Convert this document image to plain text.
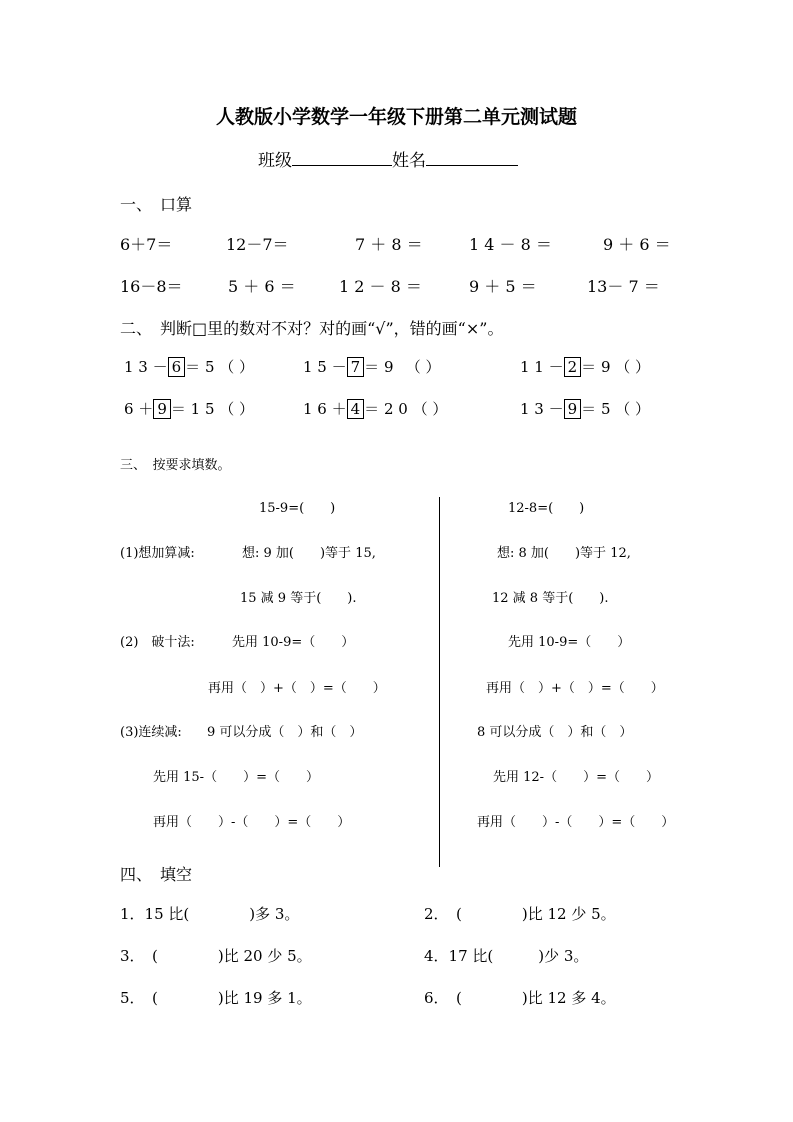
人教版小学数学一年级下册第二单元测试题
班级	姓名
一、　口算
6＋7＝	12－7＝	7 ＋ 8 ＝	1 4 － 8 ＝	9 ＋ 6 ＝
16－8＝	5 ＋ 6 ＝	1 2 － 8 ＝	9 ＋ 5 ＝	13－ 7 ＝
二、　判断□里的数对不对？对的画“√”，错的画“×”。
1 3 － 6 ＝ 5 （ ）	1 5 － 7 ＝ 9 　（ ）	1 1 － 2 ＝ 9 （ ）
6 ＋ 9 ＝ 1 5 （ ）	1 6 ＋ 4 ＝ 2 0 （ ）	1 3 － 9 ＝ 5 （ ）
三、　按要求填数。
15-9=(　　)	12-8=(　　)
(1)想加算减:	想: 9 加(　　)等于 15,	想: 8 加(　　)等于 12,
15 减 9 等于(　　).	12 减 8 等于(　　).
(2)　破十法:	先用 10-9=（　　）	先用 10-9=（　　）
再用（　）+（　）=（　　）	再用（　）+（　）=（　　）
(3)连续减: 9 可以分成（　）和（　）	8 可以分成（　）和（　）
先用 15-（　　）=（　　）	先用 12-（　　）=（　　）
再用（　　）-（　　）=（　　）	再用（　　）-（　　）=（　　）
四、　填空
1．15 比(　　　　)多 3。	2．　(　　　　)比 12 少 5。
3．　(　　　　)比 20 少 5。	4．17 比(　　　)少 3。
5．　(　　　　)比 19 多 1。	6．　(　　　　)比 12 多 4。
